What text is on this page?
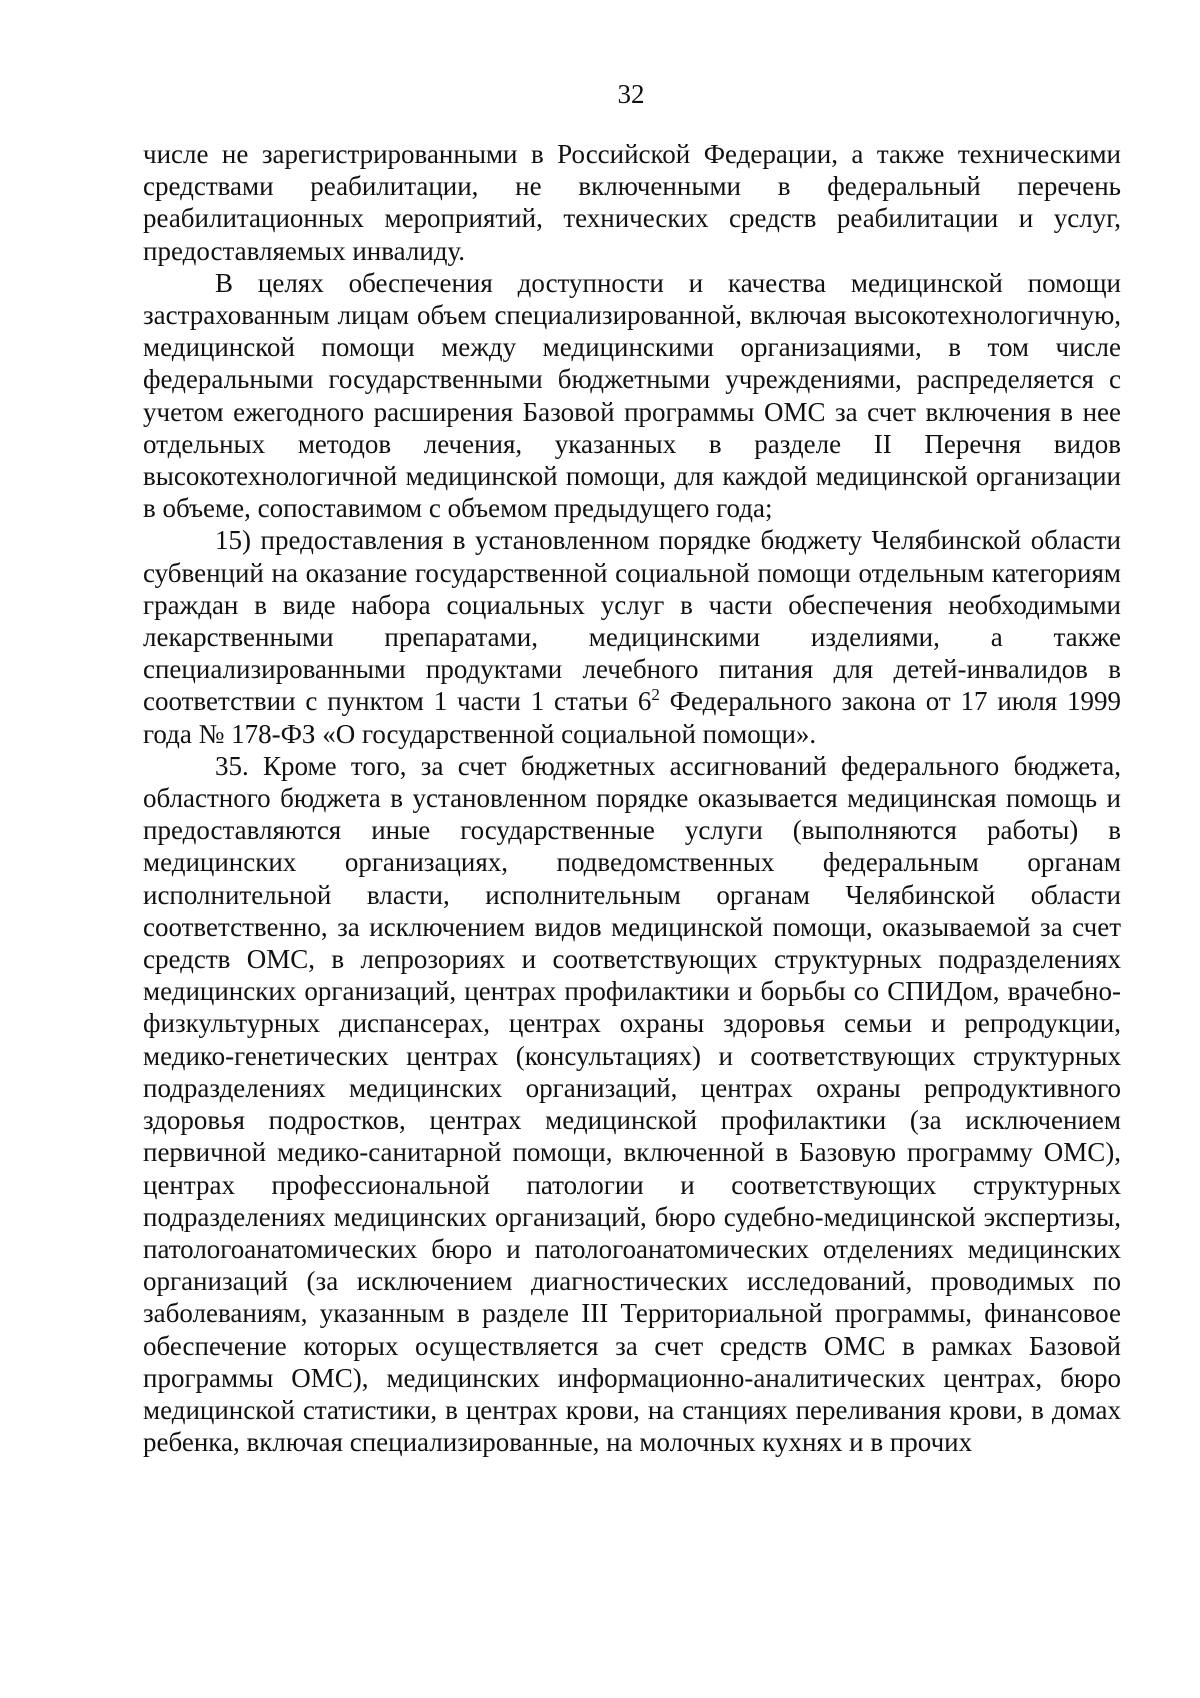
32

числе не зарегистрированными в Российской Федерации, а также техническими средствами реабилитации, не включенными в федеральный перечень реабилитационных мероприятий, технических средств реабилитации и услуг, предоставляемых инвалиду.

В целях обеспечения доступности и качества медицинской помощи застрахованным лицам объем специализированной, включая высокотехнологичную, медицинской помощи между медицинскими организациями, в том числе федеральными государственными бюджетными учреждениями, распределяется с учетом ежегодного расширения Базовой программы ОМС за счет включения в нее отдельных методов лечения, указанных в разделе II Перечня видов высокотехнологичной медицинской помощи, для каждой медицинской организации в объеме, сопоставимом с объемом предыдущего года;

15) предоставления в установленном порядке бюджету Челябинской области субвенций на оказание государственной социальной помощи отдельным категориям граждан в виде набора социальных услуг в части обеспечения необходимыми лекарственными препаратами, медицинскими изделиями, а также специализированными продуктами лечебного питания для детей-инвалидов в соответствии с пунктом 1 части 1 статьи $6^2$ Федерального закона от 17 июля 1999 года № 178-ФЗ «О государственной социальной помощи».

35. Кроме того, за счет бюджетных ассигнований федерального бюджета, областного бюджета в установленном порядке оказывается медицинская помощь и предоставляются иные государственные услуги (выполняются работы) в медицинских организациях, подведомственных федеральным органам исполнительной власти, исполнительным органам Челябинской области соответственно, за исключением видов медицинской помощи, оказываемой за счет средств ОМС, в лепрозориях и соответствующих структурных подразделениях медицинских организаций, центрах профилактики и борьбы со СПИДом, врачебно-физкультурных диспансерах, центрах охраны здоровья семьи и репродукции, медико-генетических центрах (консультациях) и соответствующих структурных подразделениях медицинских организаций, центрах охраны репродуктивного здоровья подростков, центрах медицинской профилактики (за исключением первичной медико-санитарной помощи, включенной в Базовую программу ОМС), центрах профессиональной патологии и соответствующих структурных подразделениях медицинских организаций, бюро судебно-медицинской экспертизы, патологоанатомических бюро и патологоанатомических отделениях медицинских организаций (за исключением диагностических исследований, проводимых по заболеваниям, указанным в разделе III Территориальной программы, финансовое обеспечение которых осуществляется за счет средств ОМС в рамках Базовой программы ОМС), медицинских информационно-аналитических центрах, бюро медицинской статистики, в центрах крови, на станциях переливания крови, в домах ребенка, включая специализированные, на молочных кухнях и в прочих
